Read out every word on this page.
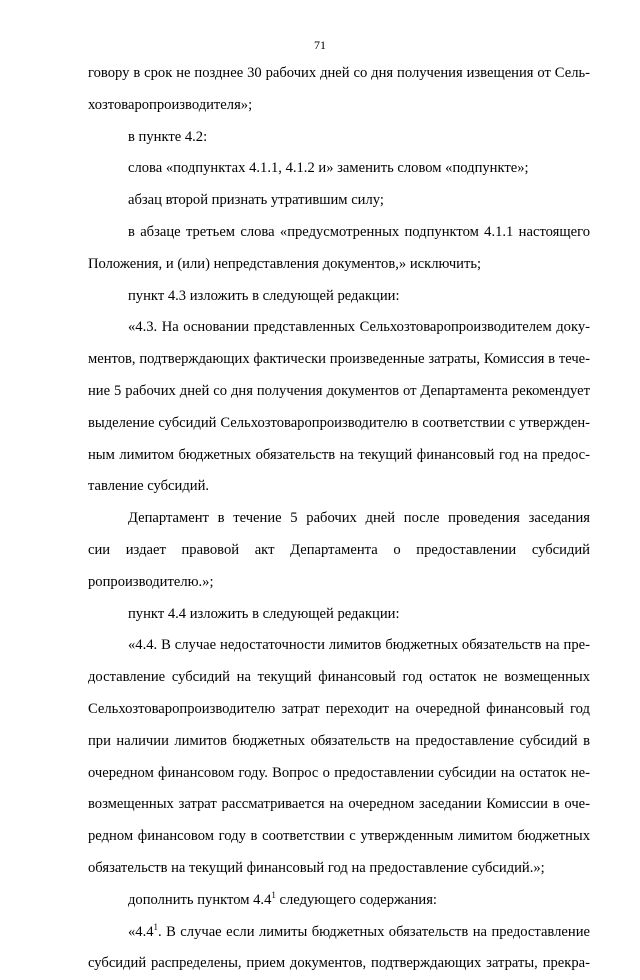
71
говору в срок не позднее 30 рабочих дней со дня получения извещения от Сель-
хозтоваропроизводителя»;
в пункте 4.2:
слова «подпунктах 4.1.1, 4.1.2 и» заменить словом «подпункте»;
абзац второй признать утратившим силу;
в абзаце третьем слова «предусмотренных подпунктом 4.1.1 настоящего
Положения, и (или) непредставления документов,» исключить;
пункт 4.3 изложить в следующей редакции:
«4.3. На основании представленных Сельхозтоваропроизводителем доку-
ментов, подтверждающих фактически произведенные затраты, Комиссия в тече-
ние 5 рабочих дней со дня получения документов от Департамента рекомендует
выделение субсидий Сельхозтоваропроизводителю в соответствии с утвержден-
ным лимитом бюджетных обязательств на текущий финансовый год на предос-
тавление субсидий.
Департамент в течение 5 рабочих дней после проведения заседания
сии издает правовой акт Департамента о предоставлении субсидий
ропроизводителю.»;
пункт 4.4 изложить в следующей редакции:
«4.4. В случае недостаточности лимитов бюджетных обязательств на пре-
доставление субсидий на текущий финансовый год остаток не возмещенных
Сельхозтоваропроизводителю затрат переходит на очередной финансовый год
при наличии лимитов бюджетных обязательств на предоставление субсидий в
очередном финансовом году. Вопрос о предоставлении субсидии на остаток не-
возмещенных затрат рассматривается на очередном заседании Комиссии в оче-
редном финансовом году в соответствии с утвержденным лимитом бюджетных
обязательств на текущий финансовый год на предоставление субсидий.»;
дополнить пунктом $4.4^1$ следующего содержания:
«$4.4^1$. В случае если лимиты бюджетных обязательств на предоставление
субсидий распределены, прием документов, подтверждающих затраты, прекра-
